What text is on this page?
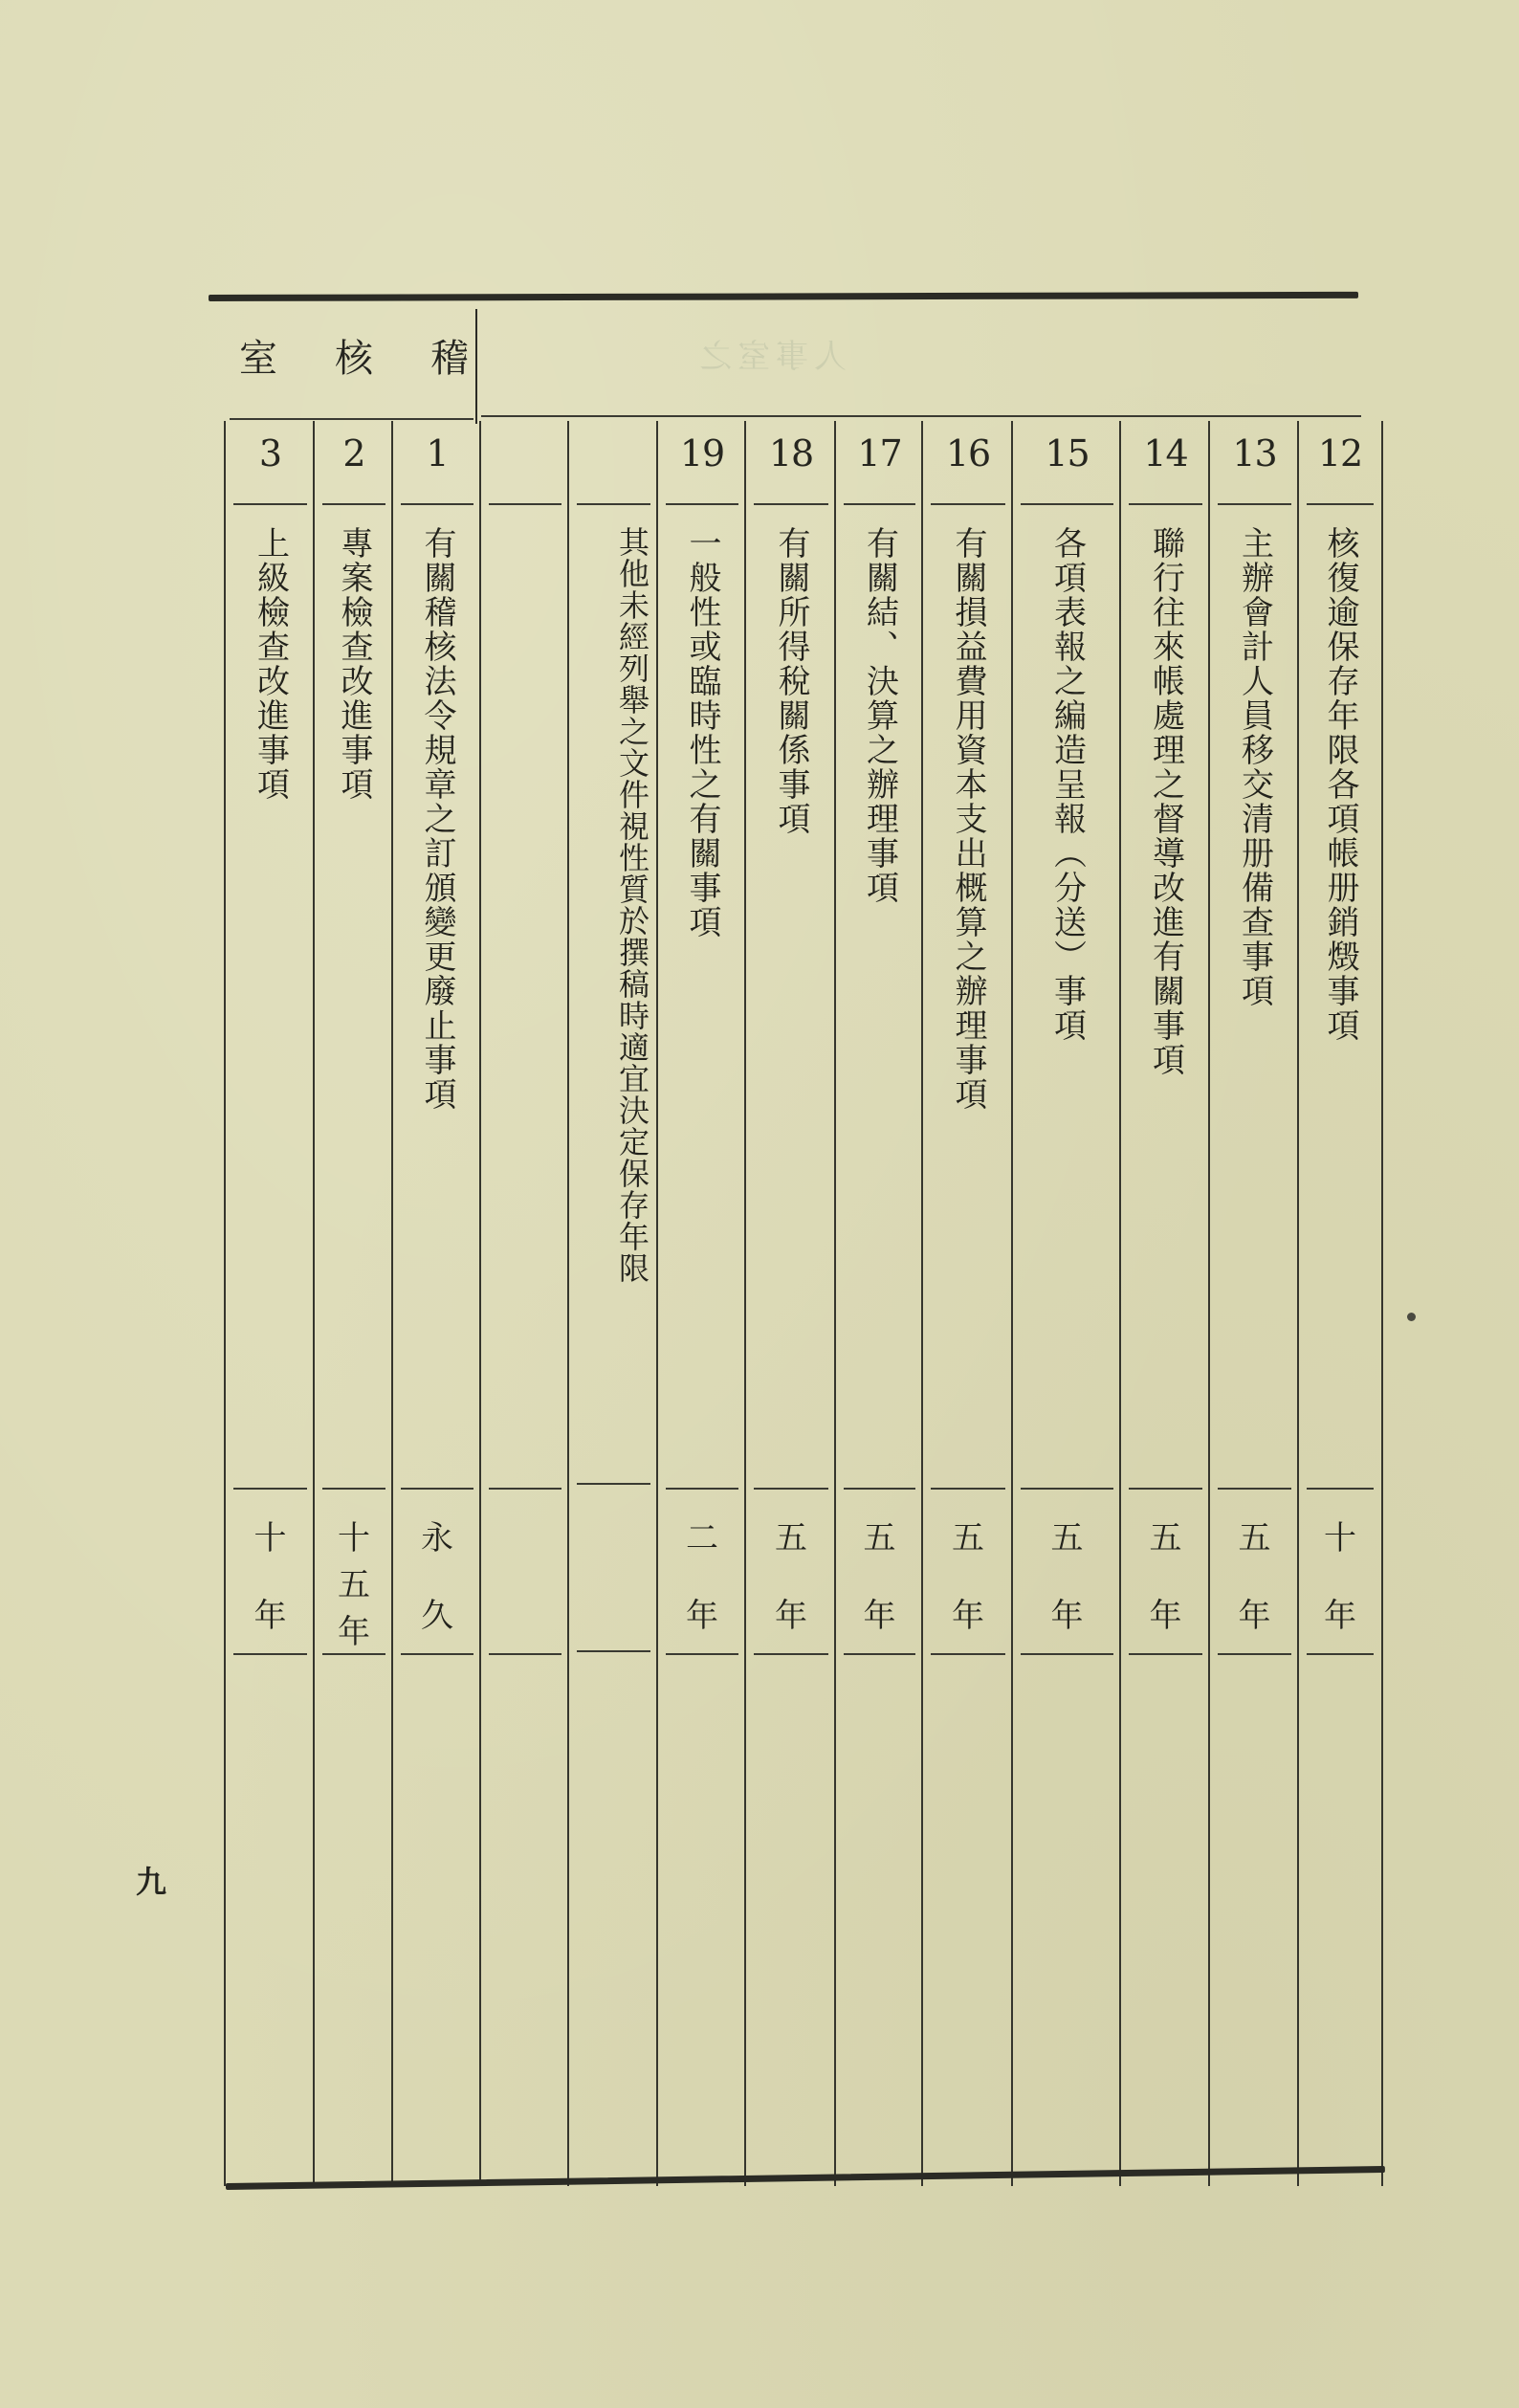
人事室之
稽
核
室
12
核復逾保存年限各項帳册銷燬事項
十
年
13
主辦會計人員移交清册備查事項
五
年
14
聯行往來帳處理之督導改進有關事項
五
年
15
各項表報之編造呈報︵分送︶事項
五
年
16
有關損益費用資本支出概算之辦理事項
五
年
17
有關結︑決算之辦理事項
五
年
18
有關所得稅關係事項
五
年
19
一般性或臨時性之有關事項
二
年
其他未經列舉之文件視性質於撰稿時適宜決定保存年限
1
有關稽核法令規章之訂頒變更廢止事項
永
久
2
專案檢查改進事項
十
五
年
3
上級檢查改進事項
十
年
九
